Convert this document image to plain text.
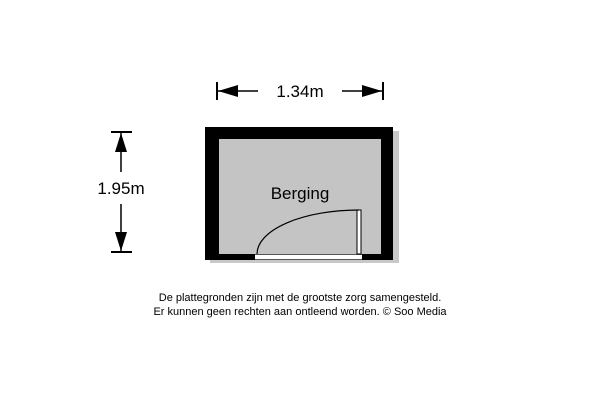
1.34m
1.95m	Berging
De plattegronden zijn met de grootste zorg samengesteld.
Er kunnen geen rechten aan ontleend worden. © Soo Media
